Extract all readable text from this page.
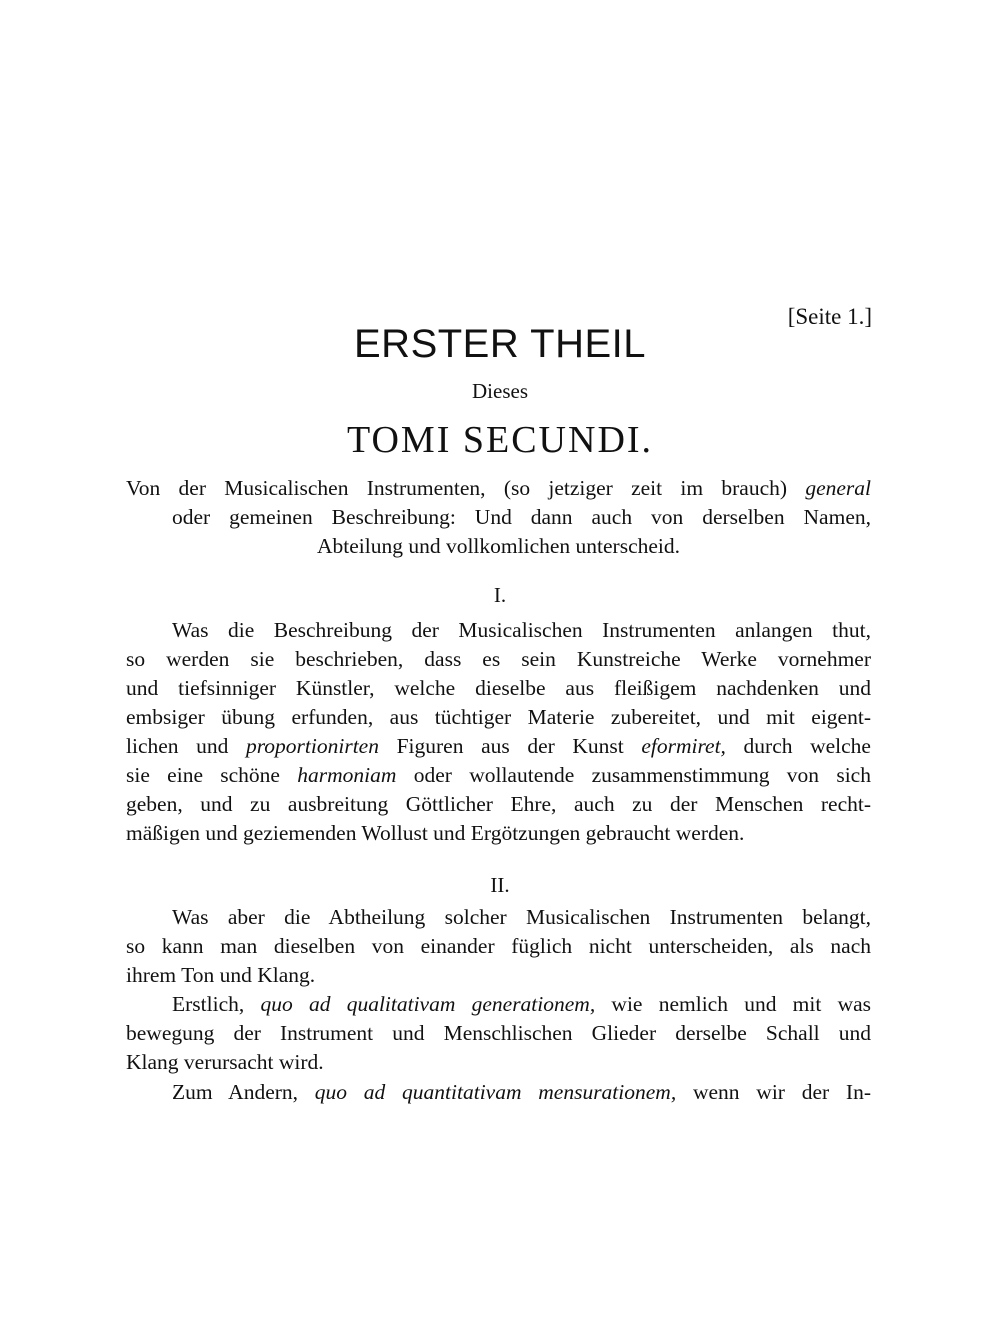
[Seite 1.]
ERSTER THEIL
Dieses
TOMI SECUNDI.
Von der Musicalischen Instrumenten, (so jetziger zeit im brauch) general
oder gemeinen Beschreibung: Und dann auch von derselben Namen,
Abteilung und vollkomlichen unterscheid.
I.
Was die Beschreibung der Musicalischen Instrumenten anlangen thut,
so werden sie beschrieben, dass es sein Kunstreiche Werke vornehmer
und tiefsinniger Künstler, welche dieselbe aus fleißigem nachdenken und
embsiger übung erfunden, aus tüchtiger Materie zubereitet, und mit eigent-
lichen und proportionirten Figuren aus der Kunst eformiret, durch welche
sie eine schöne harmoniam oder wollautende zusammenstimmung von sich
geben, und zu ausbreitung Göttlicher Ehre, auch zu der Menschen recht-
mäßigen und geziemenden Wollust und Ergötzungen gebraucht werden.
II.
Was aber die Abtheilung solcher Musicalischen Instrumenten belangt,
so kann man dieselben von einander füglich nicht unterscheiden, als nach
ihrem Ton und Klang.
Erstlich, quo ad qualitativam generationem, wie nemlich und mit was
bewegung der Instrument und Menschlischen Glieder derselbe Schall und
Klang verursacht wird.
Zum Andern, quo ad quantitativam mensurationem, wenn wir der In-
